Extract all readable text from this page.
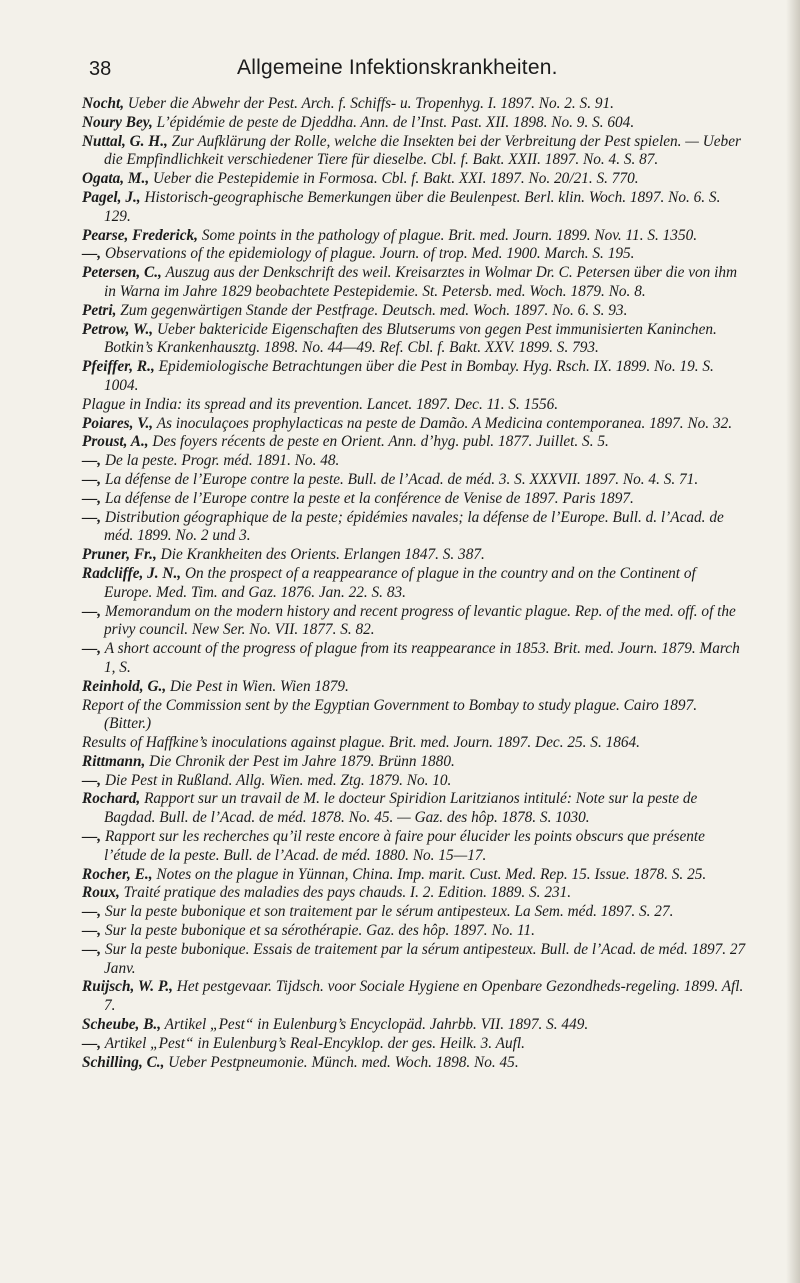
38	Allgemeine Infektionskrankheiten.

Nocht, Ueber die Abwehr der Pest. Arch. f. Schiffs- u. Tropenhyg. I. 1897. No. 2. S. 91.

Noury Bey, L’épidémie de peste de Djeddha. Ann. de l’Inst. Past. XII. 1898. No. 9. S. 604.

Nuttal, G. H., Zur Aufklärung der Rolle, welche die Insekten bei der Verbreitung der Pest spielen. — Ueber die Empfindlichkeit verschiedener Tiere für dieselbe. Cbl. f. Bakt. XXII. 1897. No. 4. S. 87.

Ogata, M., Ueber die Pestepidemie in Formosa. Cbl. f. Bakt. XXI. 1897. No. 20/21. S. 770.

Pagel, J., Historisch-geographische Bemerkungen über die Beulenpest. Berl. klin. Woch. 1897. No. 6. S. 129.

Pearse, Frederick, Some points in the pathology of plague. Brit. med. Journ. 1899. Nov. 11. S. 1350.

—, Observations of the epidemiology of plague. Journ. of trop. Med. 1900. March. S. 195.

Petersen, C., Auszug aus der Denkschrift des weil. Kreisarztes in Wolmar Dr. C. Petersen über die von ihm in Warna im Jahre 1829 beobachtete Pestepidemie. St. Petersb. med. Woch. 1879. No. 8.

Petri, Zum gegenwärtigen Stande der Pestfrage. Deutsch. med. Woch. 1897. No. 6. S. 93.

Petrow, W., Ueber baktericide Eigenschaften des Blutserums von gegen Pest immunisierten Kaninchen. Botkin’s Krankenhausztg. 1898. No. 44—49. Ref. Cbl. f. Bakt. XXV. 1899. S. 793.

Pfeiffer, R., Epidemiologische Betrachtungen über die Pest in Bombay. Hyg. Rsch. IX. 1899. No. 19. S. 1004.

Plague in India: its spread and its prevention. Lancet. 1897. Dec. 11. S. 1556.

Poiares, V., As inoculaçoes prophylacticas na peste de Damão. A Medicina contemporanea. 1897. No. 32.

Proust, A., Des foyers récents de peste en Orient. Ann. d’hyg. publ. 1877. Juillet. S. 5.

—, De la peste. Progr. méd. 1891. No. 48.

—, La défense de l’Europe contre la peste. Bull. de l’Acad. de méd. 3. S. XXXVII. 1897. No. 4. S. 71.

—, La défense de l’Europe contre la peste et la conférence de Venise de 1897. Paris 1897.

—, Distribution géographique de la peste; épidémies navales; la défense de l’Europe. Bull. d. l’Acad. de méd. 1899. No. 2 und 3.

Pruner, Fr., Die Krankheiten des Orients. Erlangen 1847. S. 387.

Radcliffe, J. N., On the prospect of a reappearance of plague in the country and on the Continent of Europe. Med. Tim. and Gaz. 1876. Jan. 22. S. 83.

—, Memorandum on the modern history and recent progress of levantic plague. Rep. of the med. off. of the privy council. New Ser. No. VII. 1877. S. 82.

—, A short account of the progress of plague from its reappearance in 1853. Brit. med. Journ. 1879. March 1, S.

Reinhold, G., Die Pest in Wien. Wien 1879.

Report of the Commission sent by the Egyptian Government to Bombay to study plague. Cairo 1897. (Bitter.)

Results of Haffkine’s inoculations against plague. Brit. med. Journ. 1897. Dec. 25. S. 1864.

Rittmann, Die Chronik der Pest im Jahre 1879. Brünn 1880.

—, Die Pest in Rußland. Allg. Wien. med. Ztg. 1879. No. 10.

Rochard, Rapport sur un travail de M. le docteur Spiridion Laritzianos intitulé: Note sur la peste de Bagdad. Bull. de l’Acad. de méd. 1878. No. 45. — Gaz. des hôp. 1878. S. 1030.

—, Rapport sur les recherches qu’il reste encore à faire pour élucider les points obscurs que présente l’étude de la peste. Bull. de l’Acad. de méd. 1880. No. 15—17.

Rocher, E., Notes on the plague in Yünnan, China. Imp. marit. Cust. Med. Rep. 15. Issue. 1878. S. 25.

Roux, Traité pratique des maladies des pays chauds. I. 2. Edition. 1889. S. 231.

—, Sur la peste bubonique et son traitement par le sérum antipesteux. La Sem. méd. 1897. S. 27.

—, Sur la peste bubonique et sa sérothérapie. Gaz. des hôp. 1897. No. 11.

—, Sur la peste bubonique. Essais de traitement par la sérum antipesteux. Bull. de l’Acad. de méd. 1897. 27 Janv.

Ruijsch, W. P., Het pestgevaar. Tijdsch. voor Sociale Hygiene en Openbare Gezondheds-regeling. 1899. Afl. 7.

Scheube, B., Artikel „Pest“ in Eulenburg’s Encyclopäd. Jahrbb. VII. 1897. S. 449.

—, Artikel „Pest“ in Eulenburg’s Real-Encyklop. der ges. Heilk. 3. Aufl.

Schilling, C., Ueber Pestpneumonie. Münch. med. Woch. 1898. No. 45.
